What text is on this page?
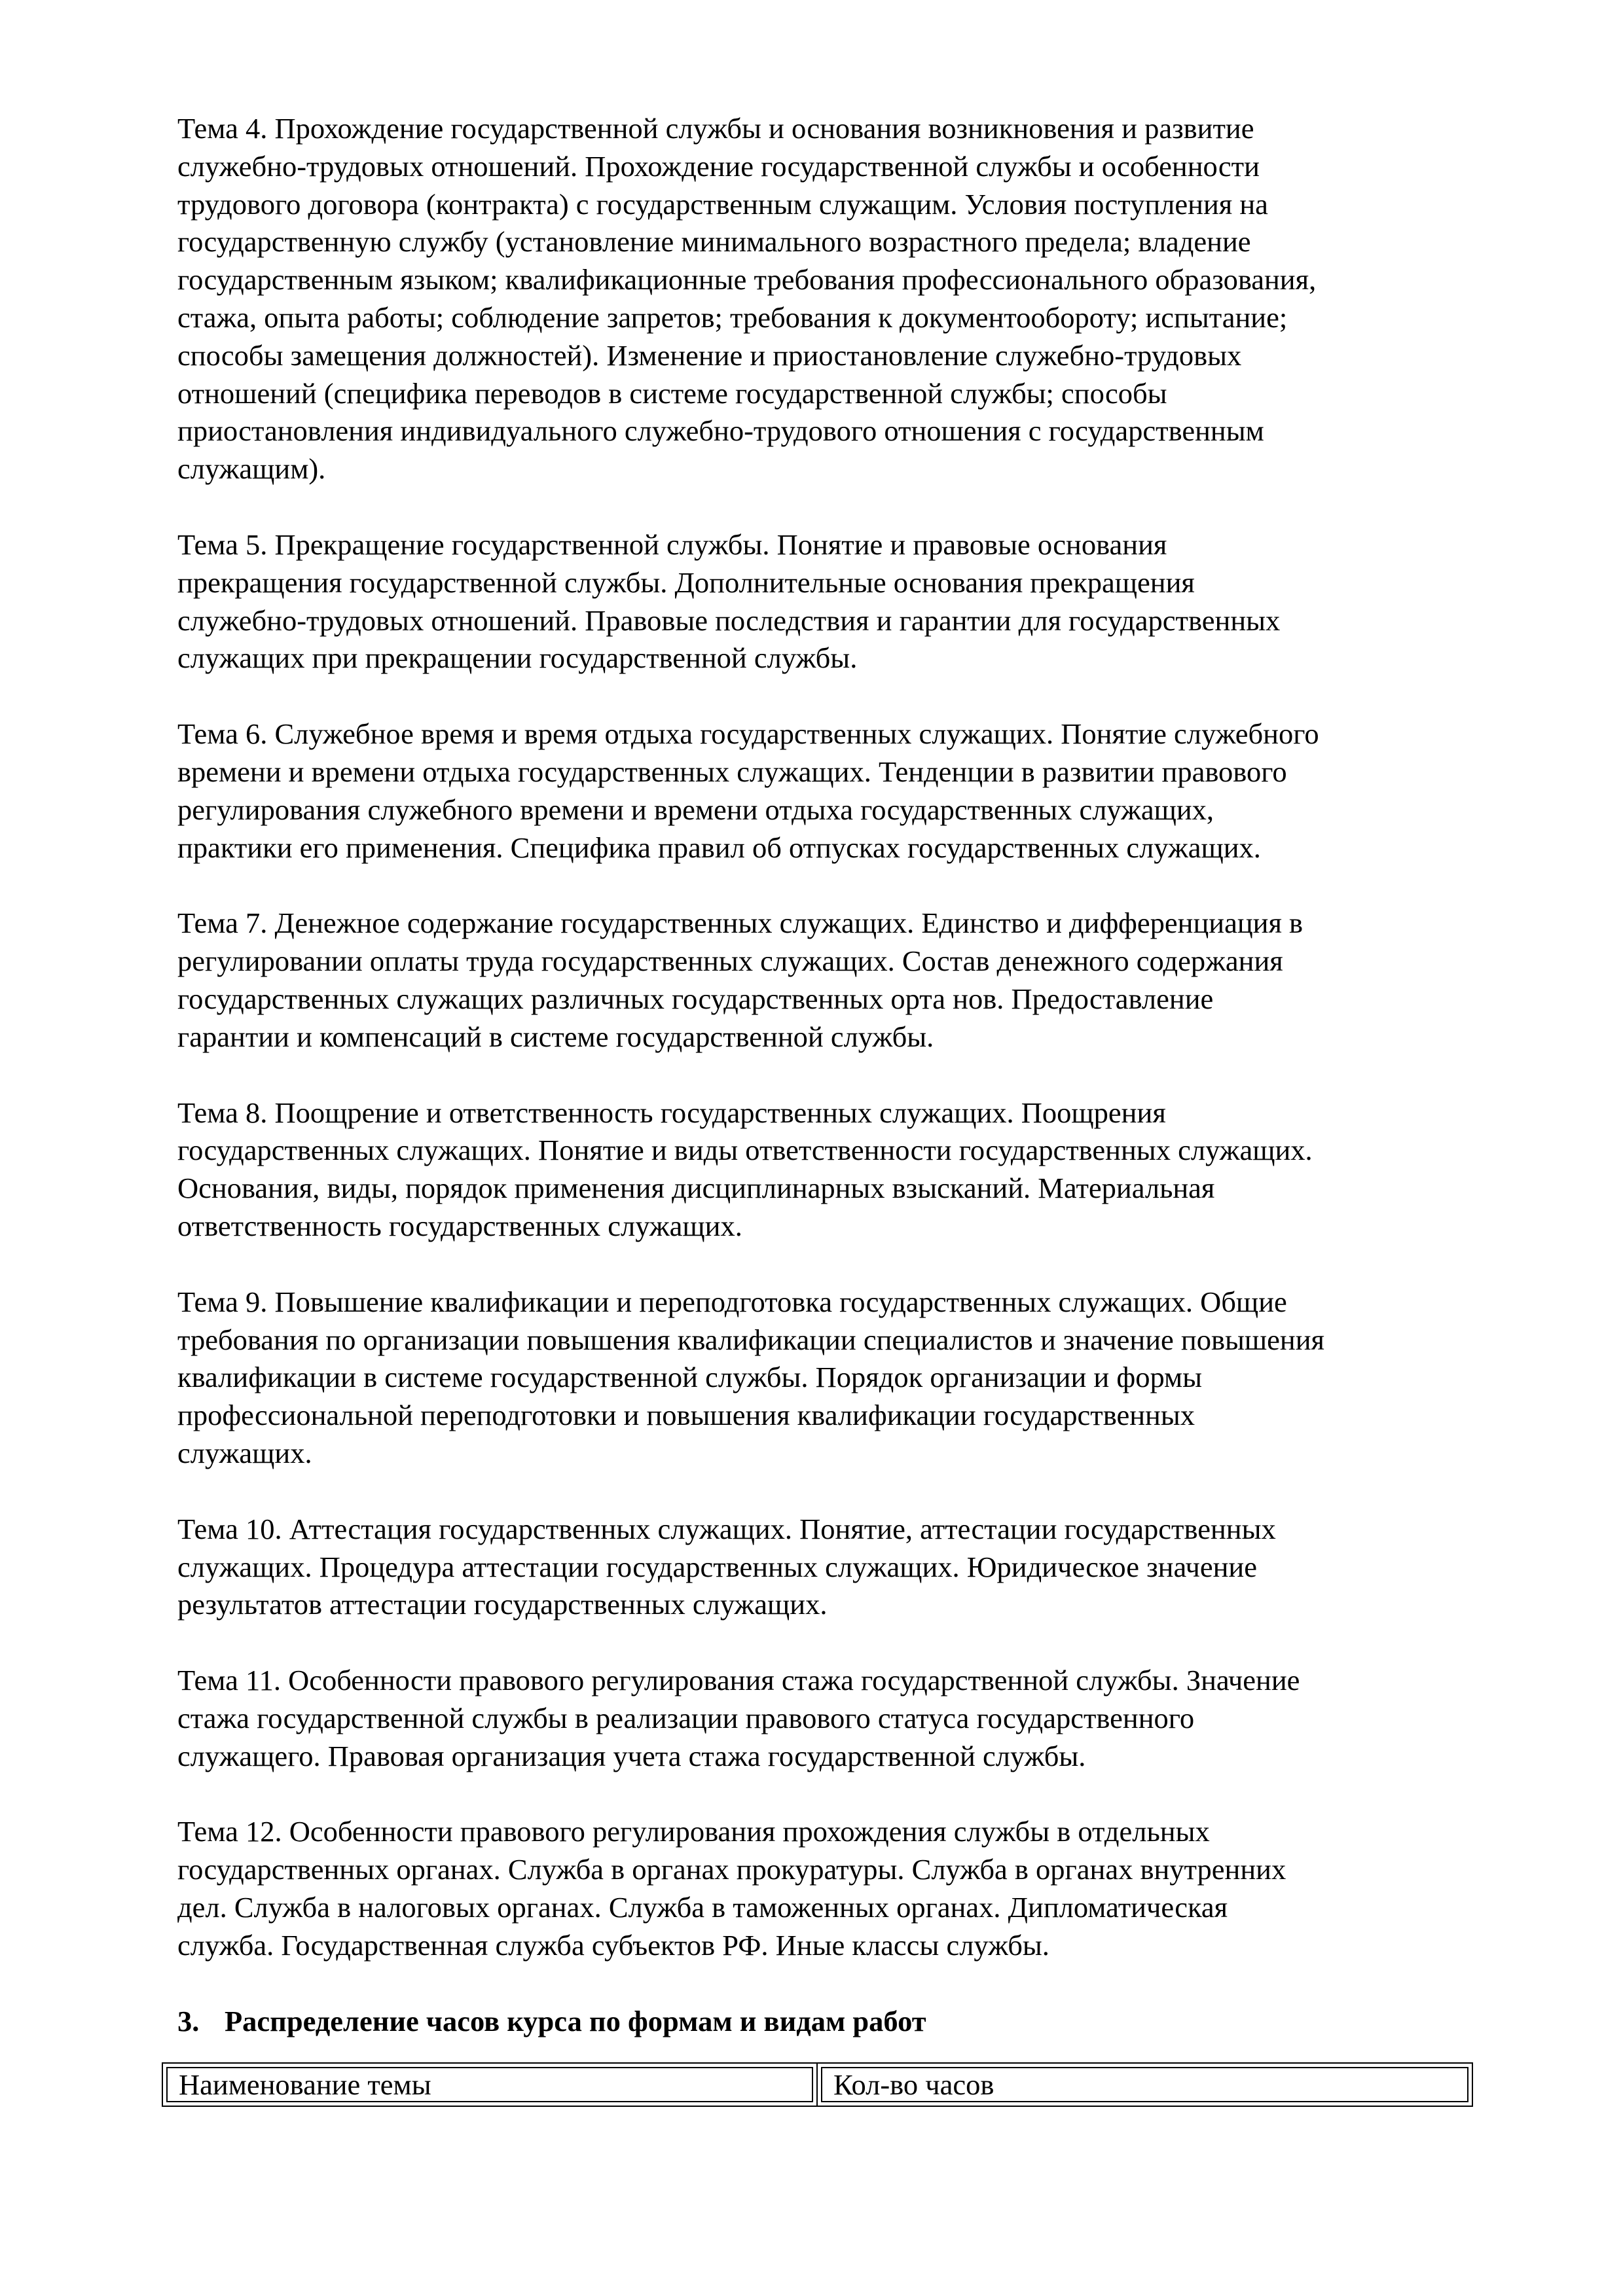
Тема 4. Прохождение государственной службы и основания возникновения и развитие
служебно-трудовых отношений. Прохождение государственной службы и особенности
трудового договора (контракта) с государственным служащим. Условия поступления на
государственную службу (установление минимального возрастного предела; владение
государственным языком; квалификационные требования профессионального образования,
стажа, опыта работы; соблюдение запретов; требования к документообороту; испытание;
способы замещения должностей). Изменение и приостановление служебно-трудовых
отношений (специфика переводов в системе государственной службы; способы
приостановления индивидуального служебно-трудового отношения с государственным
служащим).

Тема 5. Прекращение государственной службы. Понятие и правовые основания
прекращения государственной службы. Дополнительные основания прекращения
служебно-трудовых отношений. Правовые последствия и гарантии для государственных
служащих при прекращении государственной службы.

Тема 6. Служебное время и время отдыха государственных служащих. Понятие служебного
времени и времени отдыха государственных служащих. Тенденции в развитии правового
регулирования служебного времени и времени отдыха государственных служащих,
практики его применения. Специфика правил об отпусках государственных служащих.

Тема 7. Денежное содержание государственных служащих. Единство и дифференциация в
регулировании оплаты труда государственных служащих. Состав денежного содержания
государственных служащих различных государственных орта нов. Предоставление
гарантии и компенсаций в системе государственной службы.

Тема 8. Поощрение и ответственность государственных служащих. Поощрения
государственных служащих. Понятие и виды ответственности государственных служащих.
Основания, виды, порядок применения дисциплинарных взысканий. Материальная
ответственность государственных служащих.

Тема 9. Повышение квалификации и переподготовка государственных служащих. Общие
требования по организации повышения квалификации специалистов и значение повышения
квалификации в системе государственной службы. Порядок организации и формы
профессиональной переподготовки и повышения квалификации государственных
служащих.

Тема 10. Аттестация государственных служащих. Понятие, аттестации государственных
служащих. Процедура аттестации государственных служащих. Юридическое значение
результатов аттестации государственных служащих.

Тема 11. Особенности правового регулирования стажа государственной службы. Значение
стажа государственной службы в реализации правового статуса государственного
служащего. Правовая организация учета стажа государственной службы.

Тема 12. Особенности правового регулирования прохождения службы в отдельных
государственных органах. Служба в органах прокуратуры. Служба в органах внутренних
дел. Служба в налоговых органах. Служба в таможенных органах. Дипломатическая
служба. Государственная служба субъектов РФ. Иные классы службы.

3. Распределение часов курса по формам и видам работ
Наименование темы	Кол-во часов
